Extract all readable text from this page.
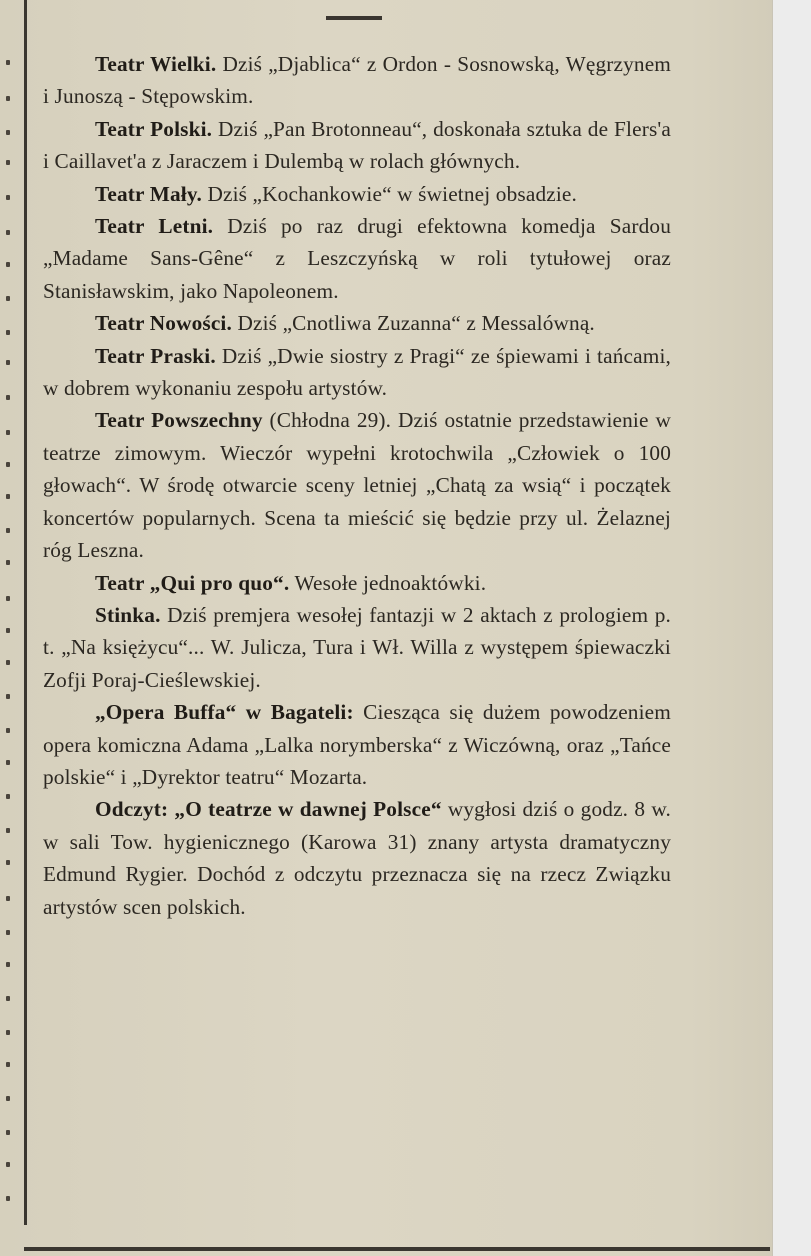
Teatr Wielki. Dziś „Djablica“ z Ordon - Sosnowską, Węgrzynem i Junoszą - Stępowskim.

Teatr Polski. Dziś „Pan Brotonneau“, doskonała sztuka de Flers'a i Caillavet'a z Jaraczem i Dulembą w rolach głównych.

Teatr Mały. Dziś „Kochankowie“ w świetnej obsadzie.

Teatr Letni. Dziś po raz drugi efektowna komedja Sardou „Madame Sans-Gêne“ z Leszczyńską w roli tytułowej oraz Stanisławskim, jako Napoleonem.

Teatr Nowości. Dziś „Cnotliwa Zuzanna“ z Messalówną.

Teatr Praski. Dziś „Dwie siostry z Pragi“ ze śpiewami i tańcami, w dobrem wykonaniu zespołu artystów.

Teatr Powszechny (Chłodna 29). Dziś ostatnie przedstawienie w teatrze zimowym. Wieczór wypełni krotochwila „Człowiek o 100 głowach“. W środę otwarcie sceny letniej „Chatą za wsią“ i początek koncertów popularnych. Scena ta mieścić się będzie przy ul. Żelaznej róg Leszna.

Teatr „Qui pro quo“. Wesołe jednoaktówki.

Stinka. Dziś premjera wesołej fantazji w 2 aktach z prologiem p. t. „Na księżycu“... W. Juliсza, Tura i Wł. Willa z występem śpiewaczki Zofji Poraj-Cieślewskiej.

„Opera Buffa“ w Bagateli: Ciesząca się dużem powodzeniem opera komiczna Adama „Lalka norymberska“ z Wiczówną, oraz „Tańce polskie“ i „Dyrektor teatru“ Mozarta.

Odczyt: „O teatrze w dawnej Polsce“ wygłosi dziś o godz. 8 w. w sali Tow. hygienicznego (Karowa 31) znany artysta dramatyczny Edmund Rygier. Dochód z odczytu przeznacza się na rzecz Związku artystów scen polskich.
